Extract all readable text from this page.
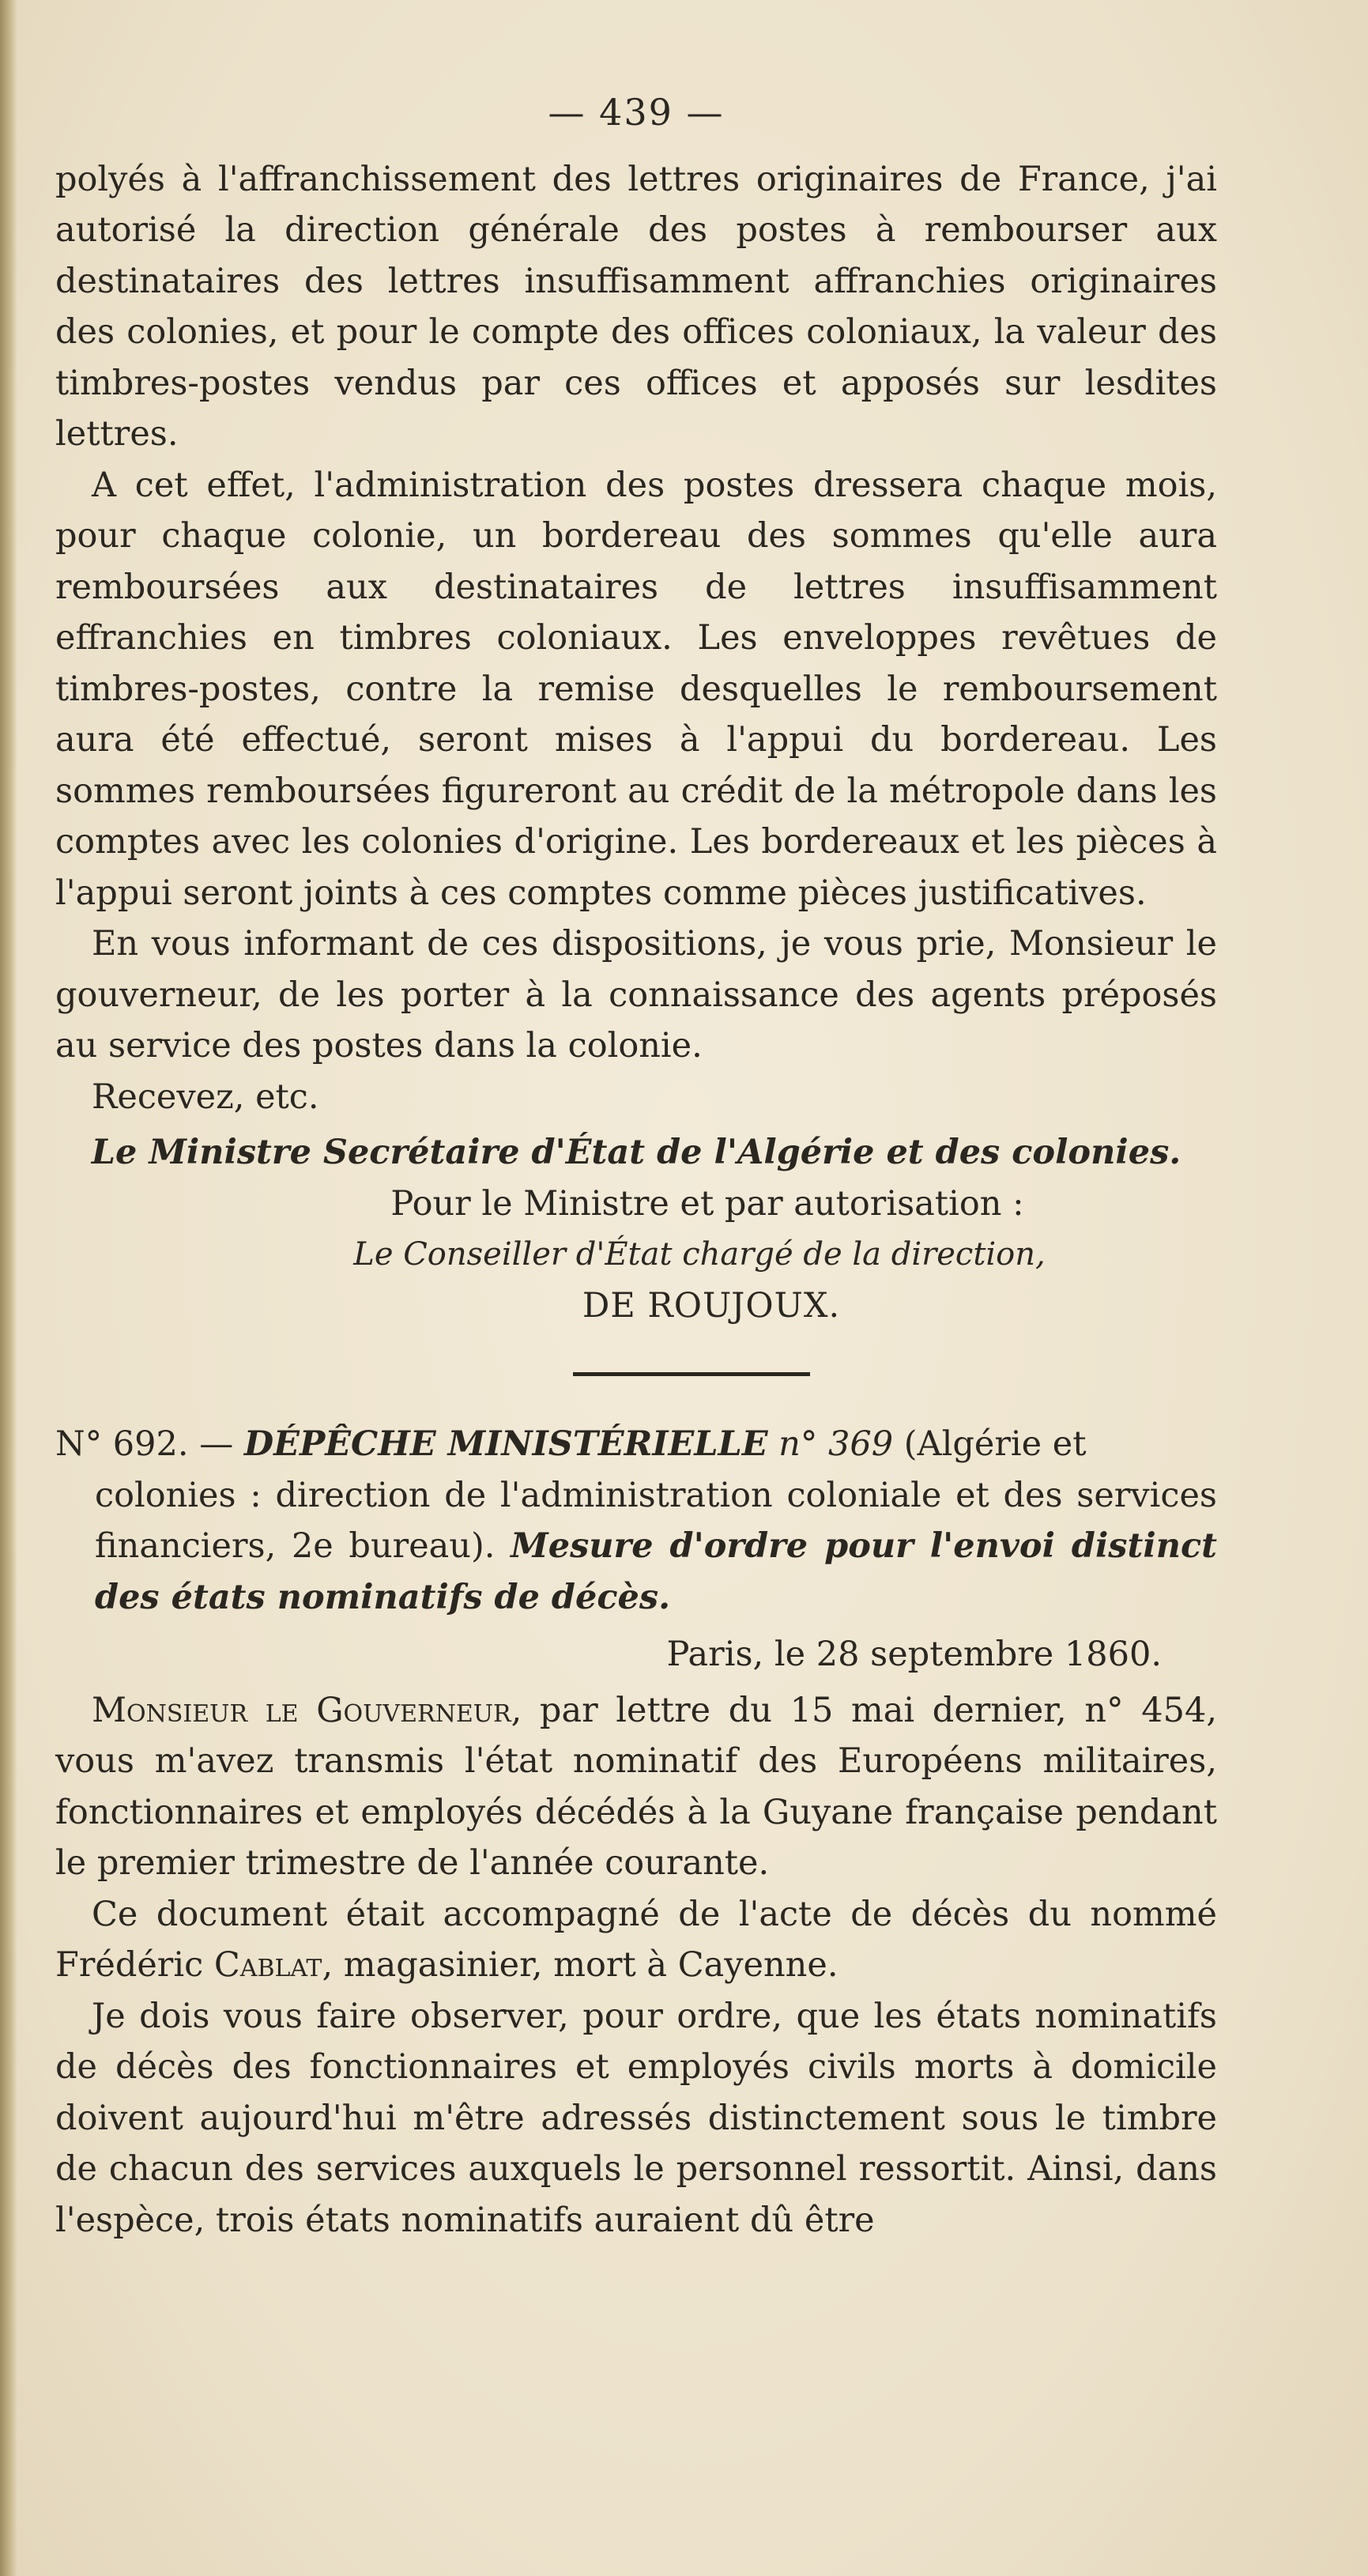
— 439 —

polyés à l'affranchissement des lettres originaires de France, j'ai autorisé la direction générale des postes à rembourser aux destinataires des lettres insuffisamment affranchies originaires des colonies, et pour le compte des offices coloniaux, la valeur des timbres-postes vendus par ces offices et apposés sur lesdites lettres.

A cet effet, l'administration des postes dressera chaque mois, pour chaque colonie, un bordereau des sommes qu'elle aura remboursées aux destinataires de lettres insuffisamment effranchies en timbres coloniaux. Les enveloppes revêtues de timbres-postes, contre la remise desquelles le remboursement aura été effectué, seront mises à l'appui du bordereau. Les sommes remboursées figureront au crédit de la métropole dans les comptes avec les colonies d'origine. Les bordereaux et les pièces à l'appui seront joints à ces comptes comme pièces justificatives.

En vous informant de ces dispositions, je vous prie, Monsieur le gouverneur, de les porter à la connaissance des agents préposés au service des postes dans la colonie.

Recevez, etc.

Le Ministre Secrétaire d'État de l'Algérie et des colonies.
Pour le Ministre et par autorisation :
Le Conseiller d'État chargé de la direction,
DE ROUJOUX.

N° 692. — DÉPÊCHE MINISTÉRIELLE n° 369 (Algérie et
colonies : direction de l'administration coloniale et des services financiers, 2e bureau). Mesure d'ordre pour l'envoi distinct des états nominatifs de décès.

Paris, le 28 septembre 1860.

Monsieur le Gouverneur, par lettre du 15 mai dernier, n° 454, vous m'avez transmis l'état nominatif des Européens militaires, fonctionnaires et employés décédés à la Guyane française pendant le premier trimestre de l'année courante.

Ce document était accompagné de l'acte de décès du nommé Frédéric Cablat, magasinier, mort à Cayenne.

Je dois vous faire observer, pour ordre, que les états nominatifs de décès des fonctionnaires et employés civils morts à domicile doivent aujourd'hui m'être adressés distinctement sous le timbre de chacun des services auxquels le personnel ressortit. Ainsi, dans l'espèce, trois états nominatifs auraient dû être
